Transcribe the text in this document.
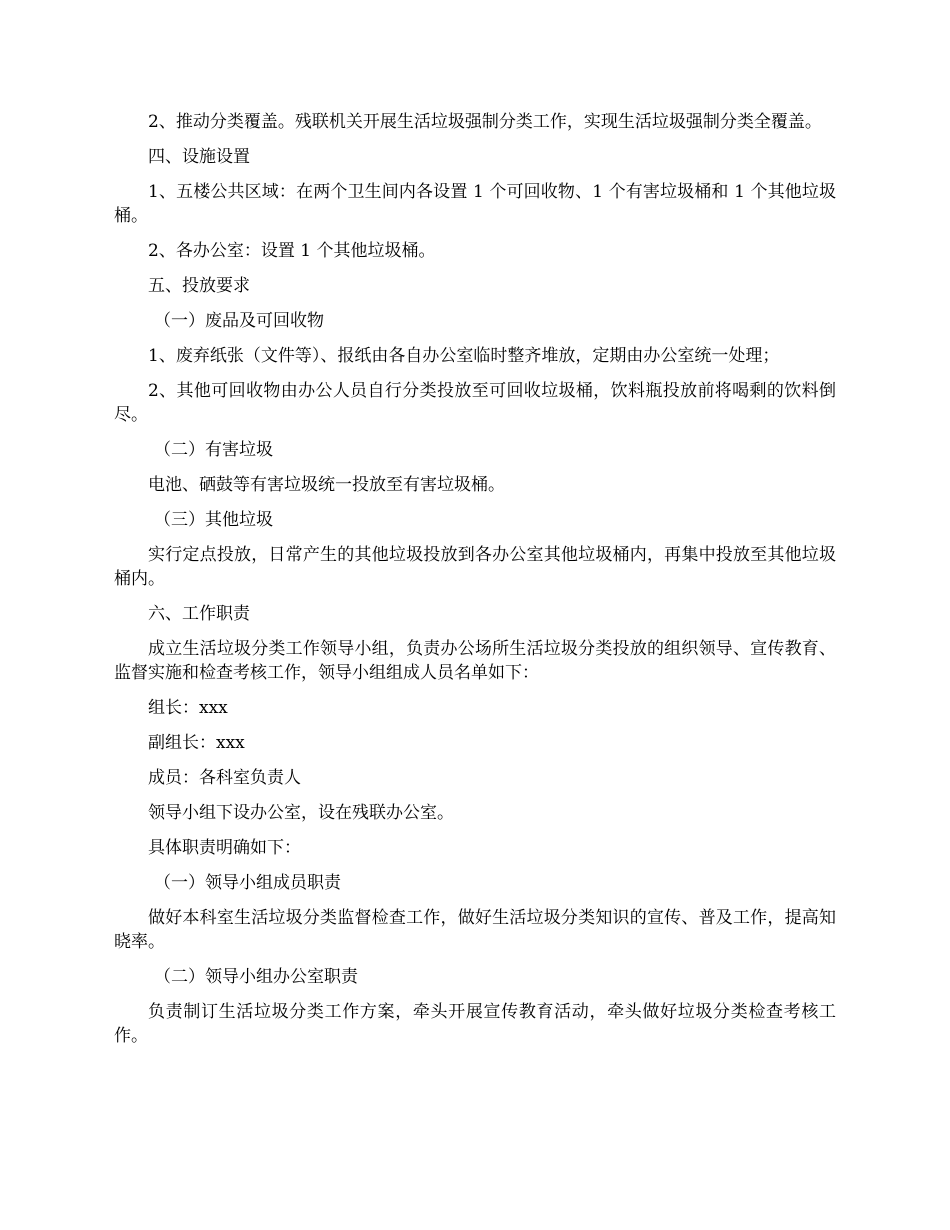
2、推动分类覆盖。残联机关开展生活垃圾强制分类工作，实现生活垃圾强制分类全覆盖。

四、设施设置

1、五楼公共区域：在两个卫生间内各设置 1 个可回收物、1 个有害垃圾桶和 1 个其他垃圾桶。

2、各办公室：设置 1 个其他垃圾桶。

五、投放要求

（一）废品及可回收物

1、废弃纸张（文件等）、报纸由各自办公室临时整齐堆放，定期由办公室统一处理；

2、其他可回收物由办公人员自行分类投放至可回收垃圾桶，饮料瓶投放前将喝剩的饮料倒尽。

（二）有害垃圾

电池、硒鼓等有害垃圾统一投放至有害垃圾桶。

（三）其他垃圾

实行定点投放，日常产生的其他垃圾投放到各办公室其他垃圾桶内，再集中投放至其他垃圾桶内。

六、工作职责

成立生活垃圾分类工作领导小组，负责办公场所生活垃圾分类投放的组织领导、宣传教育、监督实施和检查考核工作，领导小组组成人员名单如下：

组长：xxx

副组长：xxx

成员：各科室负责人

领导小组下设办公室，设在残联办公室。

具体职责明确如下：

（一）领导小组成员职责

做好本科室生活垃圾分类监督检查工作，做好生活垃圾分类知识的宣传、普及工作，提高知晓率。

（二）领导小组办公室职责

负责制订生活垃圾分类工作方案，牵头开展宣传教育活动，牵头做好垃圾分类检查考核工作。
